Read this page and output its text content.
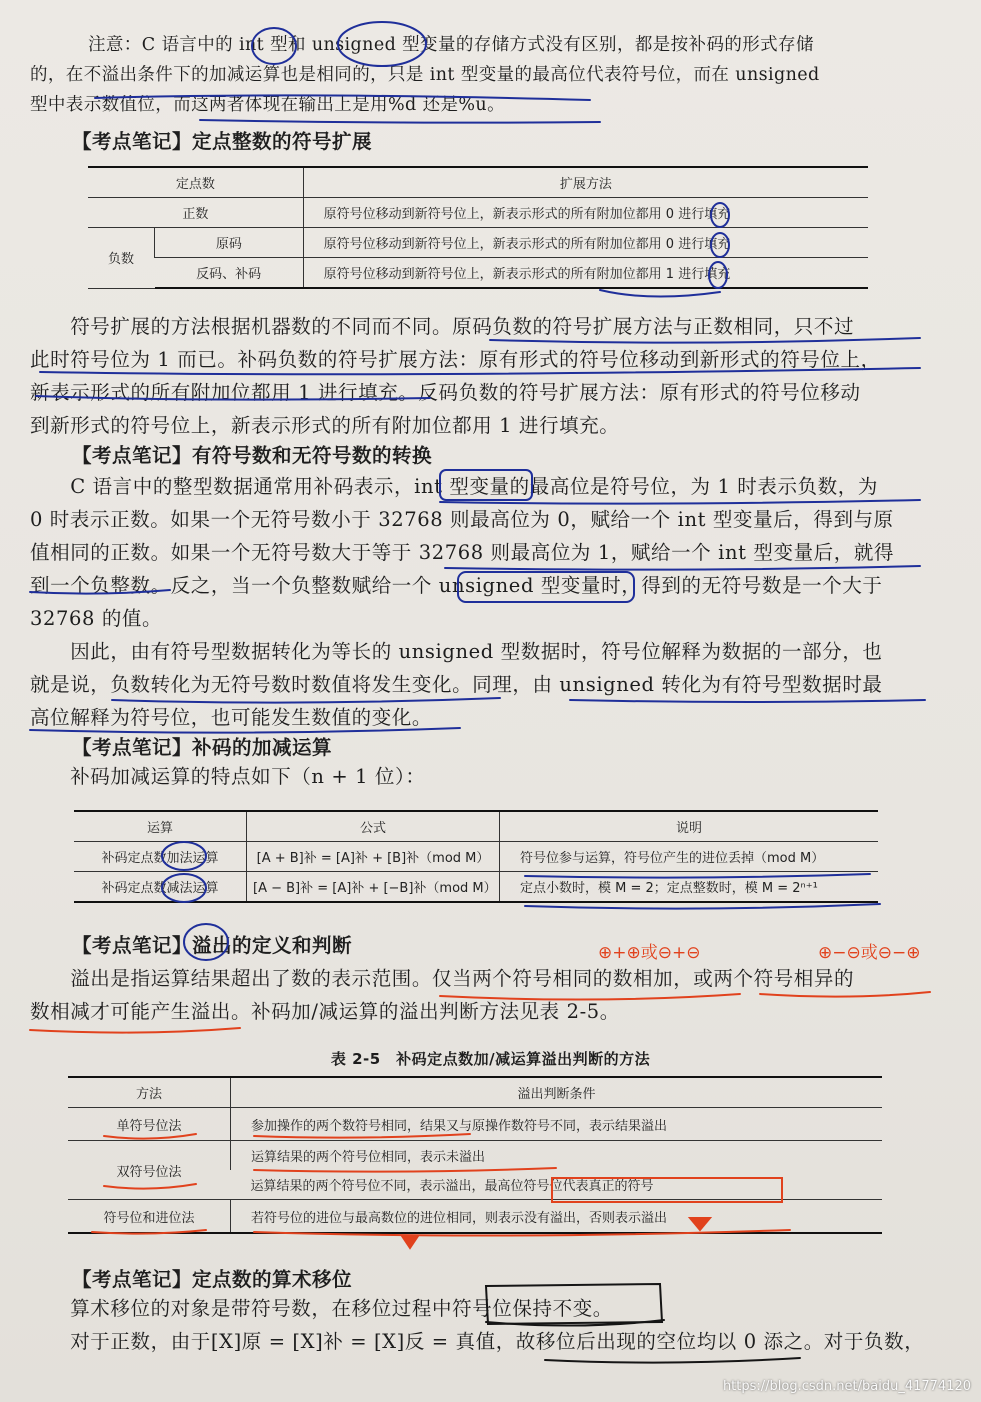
注意：C 语言中的 int 型和 unsigned 型变量的存储方式没有区别，都是按补码的形式存储
的，在不溢出条件下的加减运算也是相同的，只是 int 型变量的最高位代表符号位，而在 unsigned
型中表示数值位，而这两者体现在输出上是用%d 还是%u。
【考点笔记】定点整数的符号扩展
定点数		扩展方法
正数		原符号位移动到新符号位上，新表示形式的所有附加位都用 0 进行填充
负数	原码	原符号位移动到新符号位上，新表示形式的所有附加位都用 0 进行填充
	反码、补码	原符号位移动到新符号位上，新表示形式的所有附加位都用 1 进行填充
　　符号扩展的方法根据机器数的不同而不同。原码负数的符号扩展方法与正数相同，只不过
此时符号位为 1 而已。补码负数的符号扩展方法：原有形式的符号位移动到新形式的符号位上，
新表示形式的所有附加位都用 1 进行填充。反码负数的符号扩展方法：原有形式的符号位移动
到新形式的符号位上，新表示形式的所有附加位都用 1 进行填充。
【考点笔记】有符号数和无符号数的转换
　　C 语言中的整型数据通常用补码表示，int 型变量的最高位是符号位，为 1 时表示负数，为
0 时表示正数。如果一个无符号数小于 32768 则最高位为 0，赋给一个 int 型变量后，得到与原
值相同的正数。如果一个无符号数大于等于 32768 则最高位为 1，赋给一个 int 型变量后，就得
到一个负整数。反之，当一个负整数赋给一个 unsigned 型变量时，得到的无符号数是一个大于
32768 的值。
　　因此，由有符号型数据转化为等长的 unsigned 型数据时，符号位解释为数据的一部分，也
就是说，负数转化为无符号数时数值将发生变化。同理，由 unsigned 转化为有符号型数据时最
高位解释为符号位，也可能发生数值的变化。
【考点笔记】补码的加减运算
　　补码加减运算的特点如下（n + 1 位）：
运算	公式	说明
补码定点数加法运算	[A + B]补 = [A]补 + [B]补（mod M）	符号位参与运算，符号位产生的进位丢掉（mod M）
补码定点数减法运算	[A − B]补 = [A]补 + [−B]补（mod M）	定点小数时，模 M = 2；定点整数时，模 M = 2ⁿ⁺¹
【考点笔记】溢出的定义和判断	⊕+⊕或⊖+⊖	⊕−⊖或⊖−⊕
　　溢出是指运算结果超出了数的表示范围。仅当两个符号相同的数相加，或两个符号相异的
数相减才可能产生溢出。补码加/减运算的溢出判断方法见表 2-5。
表 2-5　补码定点数加/减运算溢出判断的方法
方法	溢出判断条件
单符号位法	参加操作的两个数符号相同，结果又与原操作数符号不同，表示结果溢出
双符号位法	运算结果的两个符号位相同，表示未溢出
	运算结果的两个符号位不同，表示溢出，最高位符号位代表真正的符号
符号位和进位法	若符号位的进位与最高数位的进位相同，则表示没有溢出，否则表示溢出
【考点笔记】定点数的算术移位
　　算术移位的对象是带符号数，在移位过程中符号位保持不变。
　　对于正数，由于[X]原 = [X]补 = [X]反 = 真值，故移位后出现的空位均以 0 添之。对于负数，
https://blog.csdn.net/baidu_41774120
